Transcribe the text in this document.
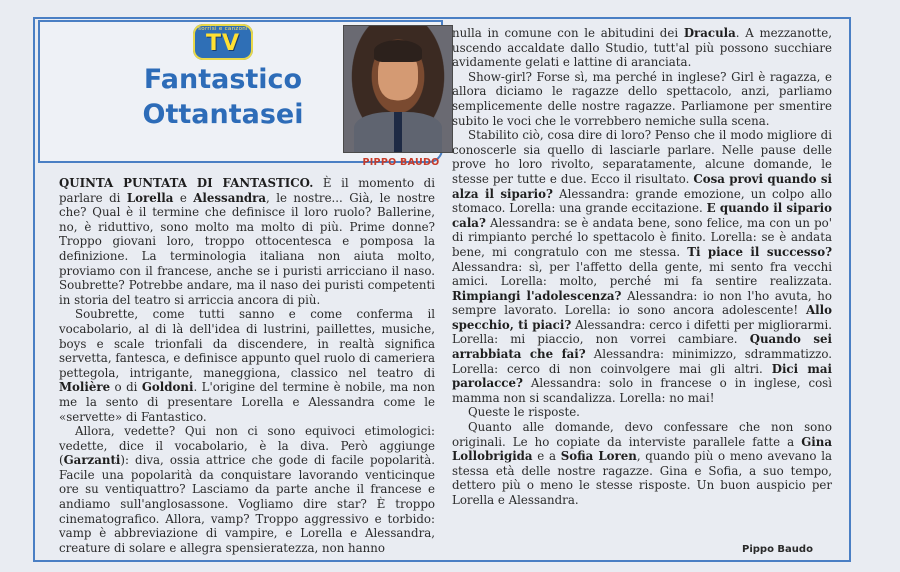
sorrisi e canzoni
TV
Fantastico
Ottantasei
PIPPO BAUDO

QUINTA PUNTATA DI FANTASTICO. È il momento di parlare di Lorella e Alessandra, le nostre... Già, le nostre che? Qual è il termine che definisce il loro ruolo? Ballerine, no, è riduttivo, sono molto ma molto di più. Prime donne? Troppo giovani loro, troppo ottocentesca e pomposa la definizione. La terminologia italiana non aiuta molto, proviamo con il francese, anche se i puristi arricciano il naso. Soubrette? Potrebbe andare, ma il naso dei puristi competenti in storia del teatro si arriccia ancora di più.

Soubrette, come tutti sanno e come conferma il vocabolario, al di là dell'idea di lustrini, paillettes, musiche, boys e scale trionfali da discendere, in realtà significa servetta, fantesca, e definisce appunto quel ruolo di cameriera pettegola, intrigante, maneggiona, classico nel teatro di Molière o di Goldoni. L'origine del termine è nobile, ma non me la sento di presentare Lorella e Alessandra come le «servette» di Fantastico.

Allora, vedette? Qui non ci sono equivoci etimologici: vedette, dice il vocabolario, è la diva. Però aggiunge (Garzanti): diva, ossia attrice che gode di facile popolarità. Facile una popolarità da conquistare lavorando venticinque ore su ventiquattro? Lasciamo da parte anche il francese e andiamo sull'anglosassone. Vogliamo dire star? È troppo cinematografico. Allora, vamp? Troppo aggressivo e torbido: vamp è abbreviazione di vampire, e Lorella e Alessandra, creature di solare e allegra spensieratezza, non hanno

nulla in comune con le abitudini dei Dracula. A mezzanotte, uscendo accaldate dallo Studio, tutt'al più possono succhiare avidamente gelati e lattine di aranciata.

Show-girl? Forse sì, ma perché in inglese? Girl è ragazza, e allora diciamo le ragazze dello spettacolo, anzi, parliamo semplicemente delle nostre ragazze. Parliamone per smentire subito le voci che le vorrebbero nemiche sulla scena.

Stabilito ciò, cosa dire di loro? Penso che il modo migliore di conoscerle sia quello di lasciarle parlare. Nelle pause delle prove ho loro rivolto, separatamente, alcune domande, le stesse per tutte e due. Ecco il risultato. Cosa provi quando si alza il sipario? Alessandra: grande emozione, un colpo allo stomaco. Lorella: una grande eccitazione. E quando il sipario cala? Alessandra: se è andata bene, sono felice, ma con un po' di rimpianto perché lo spettacolo è finito. Lorella: se è andata bene, mi congratulo con me stessa. Ti piace il successo? Alessandra: sì, per l'affetto della gente, mi sento fra vecchi amici. Lorella: molto, perché mi fa sentire realizzata. Rimpiangi l'adolescenza? Alessandra: io non l'ho avuta, ho sempre lavorato. Lorella: io sono ancora adolescente! Allo specchio, ti piaci? Alessandra: cerco i difetti per migliorarmi. Lorella: mi piaccio, non vorrei cambiare. Quando sei arrabbiata che fai? Alessandra: minimizzo, sdrammatizzo. Lorella: cerco di non coinvolgere mai gli altri. Dici mai parolacce? Alessandra: solo in francese o in inglese, così mamma non si scandalizza. Lorella: no mai!

Queste le risposte.

Quanto alle domande, devo confessare che non sono originali. Le ho copiate da interviste parallele fatte a Gina Lollobrigida e a Sofia Loren, quando più o meno avevano la stessa età delle nostre ragazze. Gina e Sofia, a suo tempo, dettero più o meno le stesse risposte. Un buon auspicio per Lorella e Alessandra.

Pippo Baudo
